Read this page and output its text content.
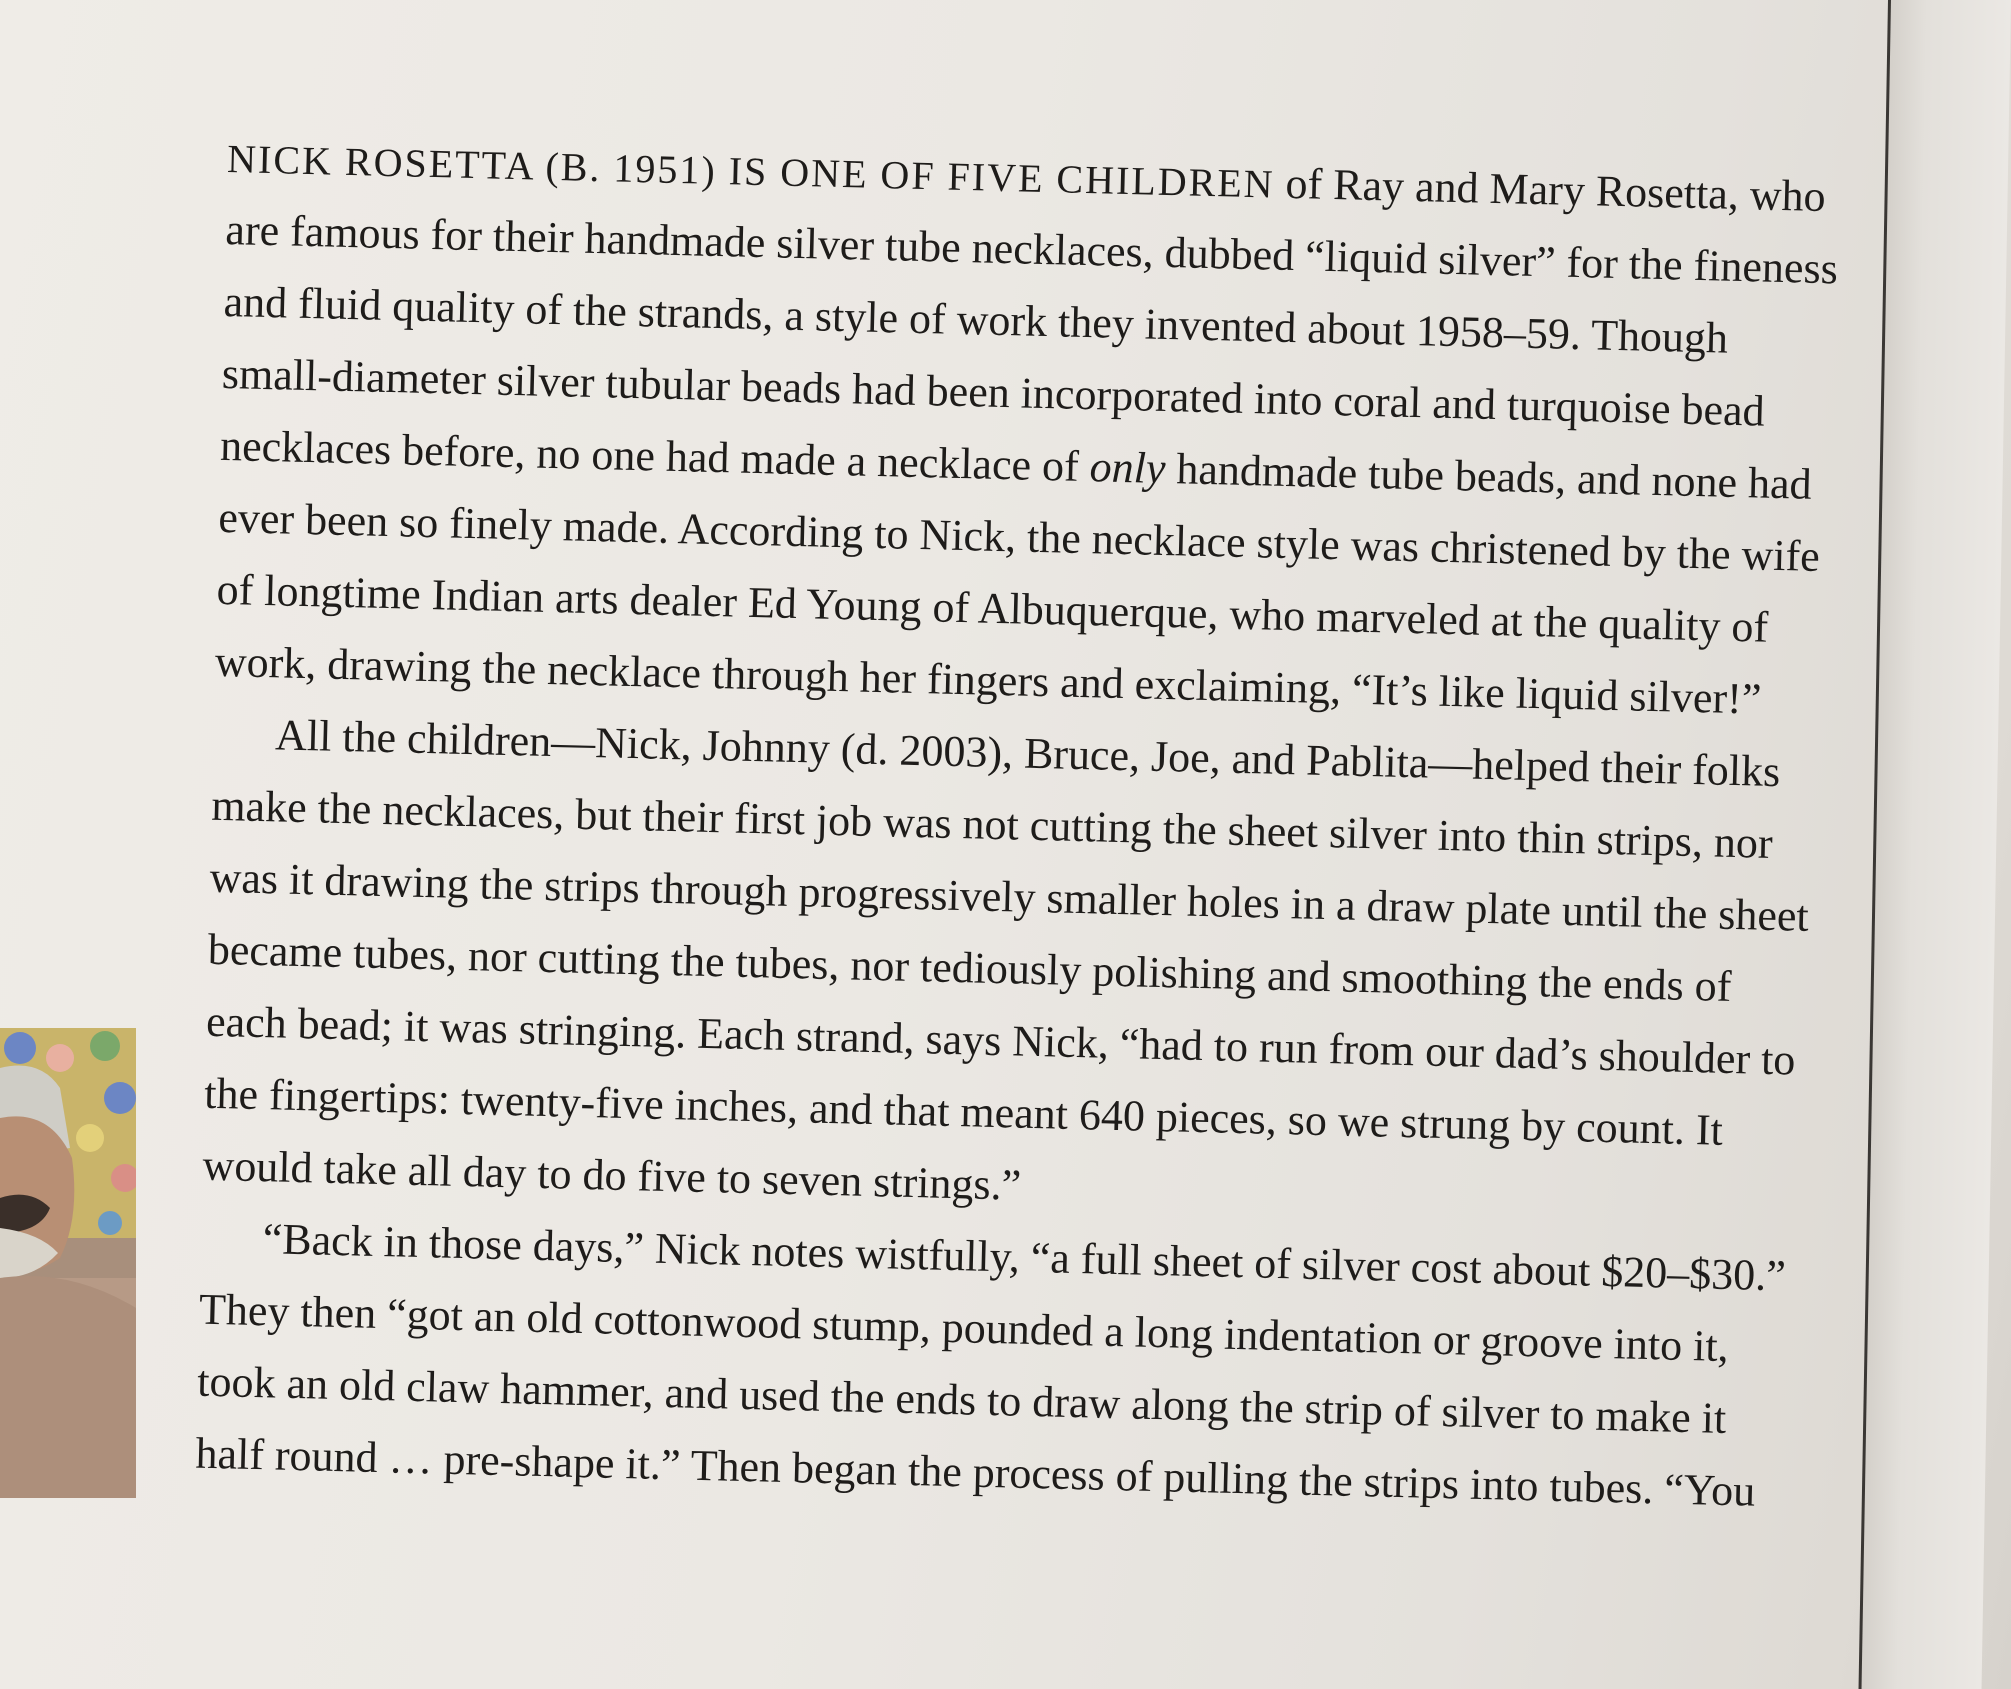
NICK ROSETTA (B. 1951) IS ONE OF FIVE CHILDREN of Ray and Mary Rosetta, who
are famous for their handmade silver tube necklaces, dubbed “liquid silver” for the fineness
and fluid quality of the strands, a style of work they invented about 1958–59. Though
small-diameter silver tubular beads had been incorporated into coral and turquoise bead
necklaces before, no one had made a necklace of only handmade tube beads, and none had
ever been so finely made. According to Nick, the necklace style was christened by the wife
of longtime Indian arts dealer Ed Young of Albuquerque, who marveled at the quality of
work, drawing the necklace through her fingers and exclaiming, “It’s like liquid silver!”
All the children—Nick, Johnny (d. 2003), Bruce, Joe, and Pablita—helped their folks
make the necklaces, but their first job was not cutting the sheet silver into thin strips, nor
was it drawing the strips through progressively smaller holes in a draw plate until the sheet
became tubes, nor cutting the tubes, nor tediously polishing and smoothing the ends of
each bead; it was stringing. Each strand, says Nick, “had to run from our dad’s shoulder to
the fingertips: twenty-five inches, and that meant 640 pieces, so we strung by count. It
would take all day to do five to seven strings.”
“Back in those days,” Nick notes wistfully, “a full sheet of silver cost about $20–$30.”
They then “got an old cottonwood stump, pounded a long indentation or groove into it,
took an old claw hammer, and used the ends to draw along the strip of silver to make it
half round … pre-shape it.” Then began the process of pulling the strips into tubes. “You
